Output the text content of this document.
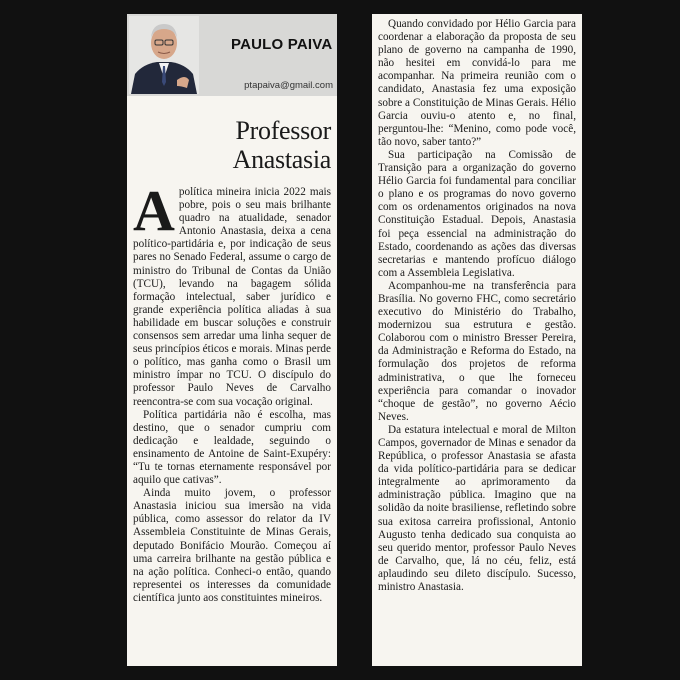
PAULO PAIVA
ptapaiva@gmail.com
Professor
Anastasia

Apolítica mineira inicia 2022 mais pobre, pois o seu mais brilhante quadro na atualidade, senador Antonio Anastasia, deixa a cena político-partidária e, por indicação de seus pares no Senado Federal, assume o cargo de ministro do Tribunal de Contas da União (TCU), levando na bagagem sólida formação intelectual, saber jurídico e grande experiência política aliadas à sua habilidade em buscar soluções e construir consensos sem arredar uma linha sequer de seus princípios éticos e morais. Minas perde o político, mas ganha como o Brasil um ministro ímpar no TCU. O discípulo do professor Paulo Neves de Carvalho reencontra-se com sua vocação original.

Política partidária não é escolha, mas destino, que o senador cumpriu com dedicação e lealdade, seguindo o ensinamento de Antoine de Saint-Exupéry: “Tu te tornas eternamente responsável por aquilo que cativas”.

Ainda muito jovem, o professor Anastasia iniciou sua imersão na vida pública, como assessor do relator da IV Assembleia Constituinte de Minas Gerais, deputado Bonifácio Mourão. Começou aí uma carreira brilhante na gestão pública e na ação política. Conheci-o então, quando representei os interesses da comunidade científica junto aos constituintes mineiros.

Quando convidado por Hélio Garcia para coordenar a elaboração da proposta de seu plano de governo na campanha de 1990, não hesitei em convidá-lo para me acompanhar. Na primeira reunião com o candidato, Anastasia fez uma exposição sobre a Constituição de Minas Gerais. Hélio Garcia ouviu-o atento e, no final, perguntou-lhe: “Menino, como pode você, tão novo, saber tanto?”

Sua participação na Comissão de Transição para a organização do governo Hélio Garcia foi fundamental para conciliar o plano e os programas do novo governo com os ordenamentos originados na nova Constituição Estadual. Depois, Anastasia foi peça essencial na administração do Estado, coordenando as ações das diversas secretarias e mantendo profícuo diálogo com a Assembleia Legislativa.

Acompanhou-me na transferência para Brasília. No governo FHC, como secretário executivo do Ministério do Trabalho, modernizou sua estrutura e gestão. Colaborou com o ministro Bresser Pereira, da Administração e Reforma do Estado, na formulação dos projetos de reforma administrativa, o que lhe forneceu experiência para comandar o inovador “choque de gestão”, no governo Aécio Neves.

Da estatura intelectual e moral de Milton Campos, governador de Minas e senador da República, o professor Anastasia se afasta da vida político-partidária para se dedicar integralmente ao aprimoramento da administração pública. Imagino que na solidão da noite brasiliense, refletindo sobre sua exitosa carreira profissional, Antonio Augusto tenha dedicado sua conquista ao seu querido mentor, professor Paulo Neves de Carvalho, que, lá no céu, feliz, está aplaudindo seu dileto discípulo. Sucesso, ministro Anastasia.
